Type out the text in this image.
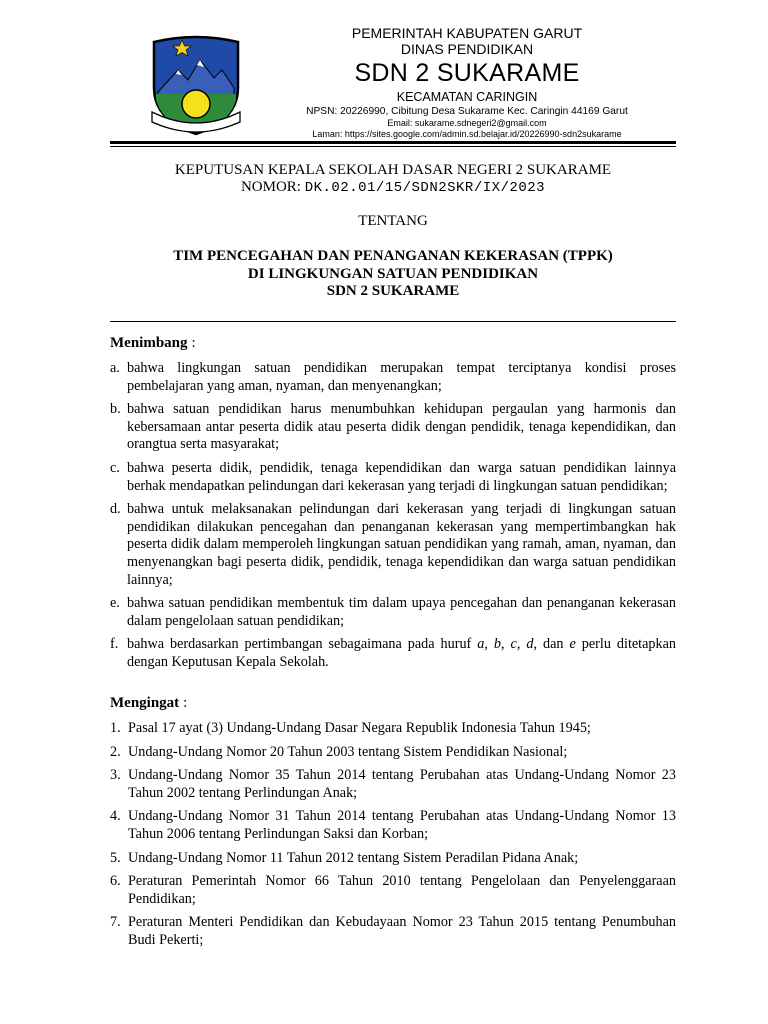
PEMERINTAH KABUPATEN GARUT
DINAS PENDIDIKAN
SDN 2 SUKARAME
KECAMATAN CARINGIN
NPSN: 20226990, Cibitung Desa Sukarame Kec. Caringin 44169 Garut
Email: sukarame.sdnegeri2@gmail.com
Laman: https://sites.google.com/admin.sd.belajar.id/20226990-sdn2sukarame
KEPUTUSAN KEPALA SEKOLAH DASAR NEGERI 2 SUKARAME
NOMOR: DK.02.01/15/SDN2SKR/IX/2023
TENTANG
TIM PENCEGAHAN DAN PENANGANAN KEKERASAN (TPPK)
DI LINGKUNGAN SATUAN PENDIDIKAN
SDN 2 SUKARAME
Menimbang :
a. bahwa lingkungan satuan pendidikan merupakan tempat terciptanya kondisi proses pembelajaran yang aman, nyaman, dan menyenangkan;
b. bahwa satuan pendidikan harus menumbuhkan kehidupan pergaulan yang harmonis dan kebersamaan antar peserta didik atau peserta didik dengan pendidik, tenaga kependidikan, dan orangtua serta masyarakat;
c. bahwa peserta didik, pendidik, tenaga kependidikan dan warga satuan pendidikan lainnya berhak mendapatkan pelindungan dari kekerasan yang terjadi di lingkungan satuan pendidikan;
d. bahwa untuk melaksanakan pelindungan dari kekerasan yang terjadi di lingkungan satuan pendidikan dilakukan pencegahan dan penanganan kekerasan yang mempertimbangkan hak peserta didik dalam memperoleh lingkungan satuan pendidikan yang ramah, aman, nyaman, dan menyenangkan bagi peserta didik, pendidik, tenaga kependidikan dan warga satuan pendidikan lainnya;
e. bahwa satuan pendidikan membentuk tim dalam upaya pencegahan dan penanganan kekerasan dalam pengelolaan satuan pendidikan;
f. bahwa berdasarkan pertimbangan sebagaimana pada huruf a, b, c, d, dan e perlu ditetapkan dengan Keputusan Kepala Sekolah.
Mengingat :
1. Pasal 17 ayat (3) Undang-Undang Dasar Negara Republik Indonesia Tahun 1945;
2. Undang-Undang Nomor 20 Tahun 2003 tentang Sistem Pendidikan Nasional;
3. Undang-Undang Nomor 35 Tahun 2014 tentang Perubahan atas Undang-Undang Nomor 23 Tahun 2002 tentang Perlindungan Anak;
4. Undang-Undang Nomor 31 Tahun 2014 tentang Perubahan atas Undang-Undang Nomor 13 Tahun 2006 tentang Perlindungan Saksi dan Korban;
5. Undang-Undang Nomor 11 Tahun 2012 tentang Sistem Peradilan Pidana Anak;
6. Peraturan Pemerintah Nomor 66 Tahun 2010 tentang Pengelolaan dan Penyelenggaraan Pendidikan;
7. Peraturan Menteri Pendidikan dan Kebudayaan Nomor 23 Tahun 2015 tentang Penumbuhan Budi Pekerti;
